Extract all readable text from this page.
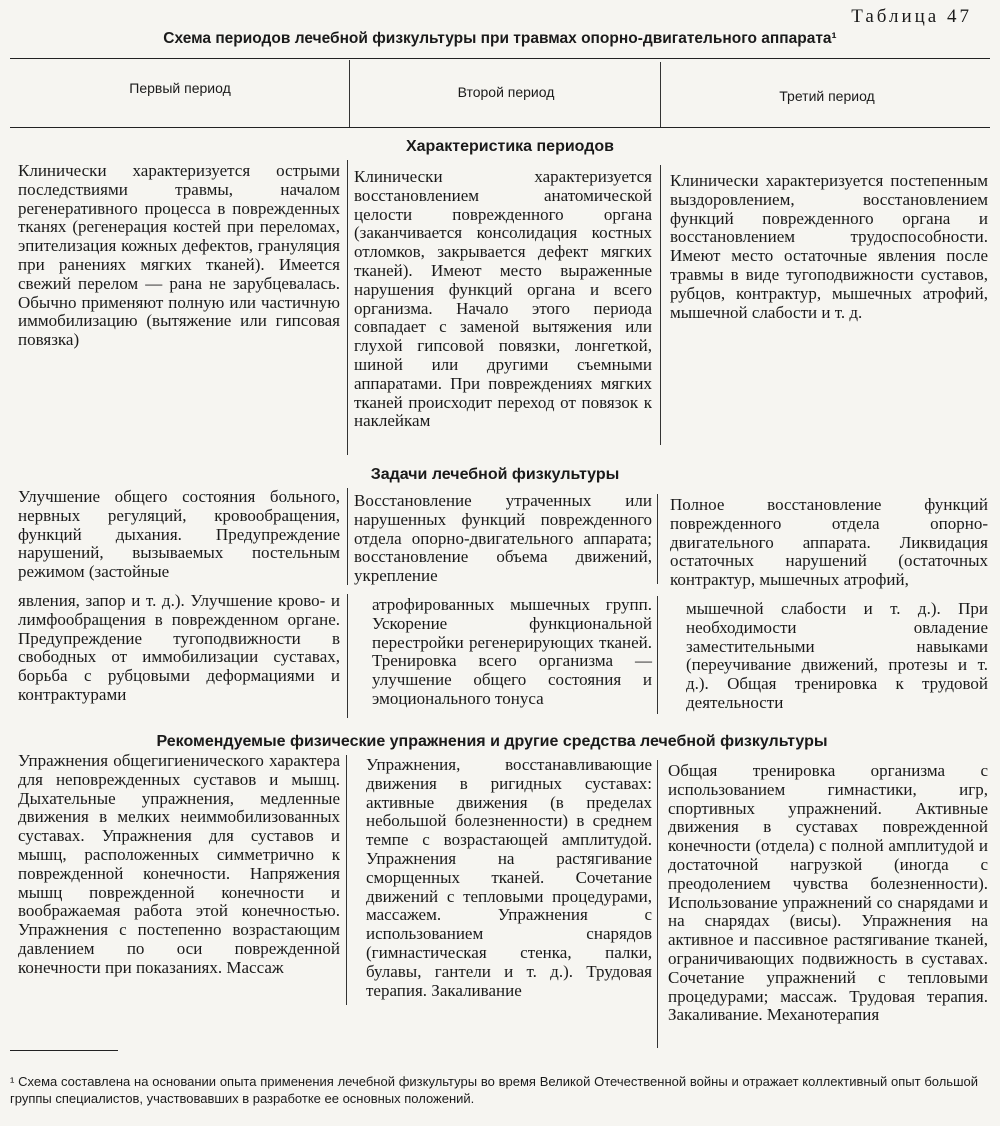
Таблица 47
Схема периодов лечебной физкультуры при травмах опорно-двигательного аппарата¹
Первый период	Второй период	Третий период
Характеристика периодов
Клинически характеризуется острыми последствиями травмы, началом регенеративного процесса в поврежденных тканях (регенерация костей при переломах, эпителизация кожных дефектов, грануляция при ранениях мягких тканей). Имеется свежий перелом — рана не зарубцевалась. Обычно применяют полную или частичную иммобилизацию (вытяжение или гипсовая повязка)
Клинически характеризуется восстановлением анатомической целости поврежденного органа (заканчивается консолидация костных отломков, закрывается дефект мягких тканей). Имеют место выраженные нарушения функций органа и всего организма. Начало этого периода совпадает с заменой вытяжения или глухой гипсовой повязки, лонгеткой, шиной или другими съемными аппаратами. При повреждениях мягких тканей происходит переход от повязок к наклейкам
Клинически характеризуется постепенным выздоровлением, восстановлением функций поврежденного органа и восстановлением трудоспособности. Имеют место остаточные явления после травмы в виде тугоподвижности суставов, рубцов, контрактур, мышечных атрофий, мышечной слабости и т. д.
Задачи лечебной физкультуры
Улучшение общего состояния больного, нервных регуляций, кровообращения, функций дыхания. Предупреждение нарушений, вызываемых постельным режимом (застойные
Восстановление утраченных или нарушенных функций поврежденного отдела опорно-двигательного аппарата; восстановление объема движений, укрепление
Полное восстановление функций поврежденного отдела опорно-двигательного аппарата. Ликвидация остаточных нарушений (остаточных контрактур, мышечных атрофий,
явления, запор и т. д.). Улучшение крово- и лимфообращения в поврежденном органе. Предупреждение тугоподвижности в свободных от иммобилизации суставах, борьба с рубцовыми деформациями и контрактурами
атрофированных мышечных групп. Ускорение функциональной перестройки регенерирующих тканей. Тренировка всего организма — улучшение общего состояния и эмоционального тонуса
мышечной слабости и т. д.). При необходимости овладение заместительными навыками (переучивание движений, протезы и т. д.). Общая тренировка к трудовой деятельности
Рекомендуемые физические упражнения и другие средства лечебной физкультуры
Упражнения общегигиенического характера для неповрежденных суставов и мышц. Дыхательные упражнения, медленные движения в мелких неиммобилизованных суставах. Упражнения для суставов и мышц, расположенных симметрично к поврежденной конечности. Напряжения мышц поврежденной конечности и воображаемая работа этой конечностью. Упражнения с постепенно возрастающим давлением по оси поврежденной конечности при показаниях. Массаж
Упражнения, восстанавливающие движения в ригидных суставах: активные движения (в пределах небольшой болезненности) в среднем темпе с возрастающей амплитудой. Упражнения на растягивание сморщенных тканей. Сочетание движений с тепловыми процедурами, массажем. Упражнения с использованием снарядов (гимнастическая стенка, палки, булавы, гантели и т. д.). Трудовая терапия. Закаливание
Общая тренировка организма с использованием гимнастики, игр, спортивных упражнений. Активные движения в суставах поврежденной конечности (отдела) с полной амплитудой и достаточной нагрузкой (иногда с преодолением чувства болезненности). Использование упражнений со снарядами и на снарядах (висы). Упражнения на активное и пассивное растягивание тканей, ограничивающих подвижность в суставах. Сочетание упражнений с тепловыми процедурами; массаж. Трудовая терапия. Закаливание. Механотерапия
¹ Схема составлена на основании опыта применения лечебной физкультуры во время Великой Отечественной войны и отражает коллективный опыт большой группы специалистов, участвовавших в разработке ее основных положений.
